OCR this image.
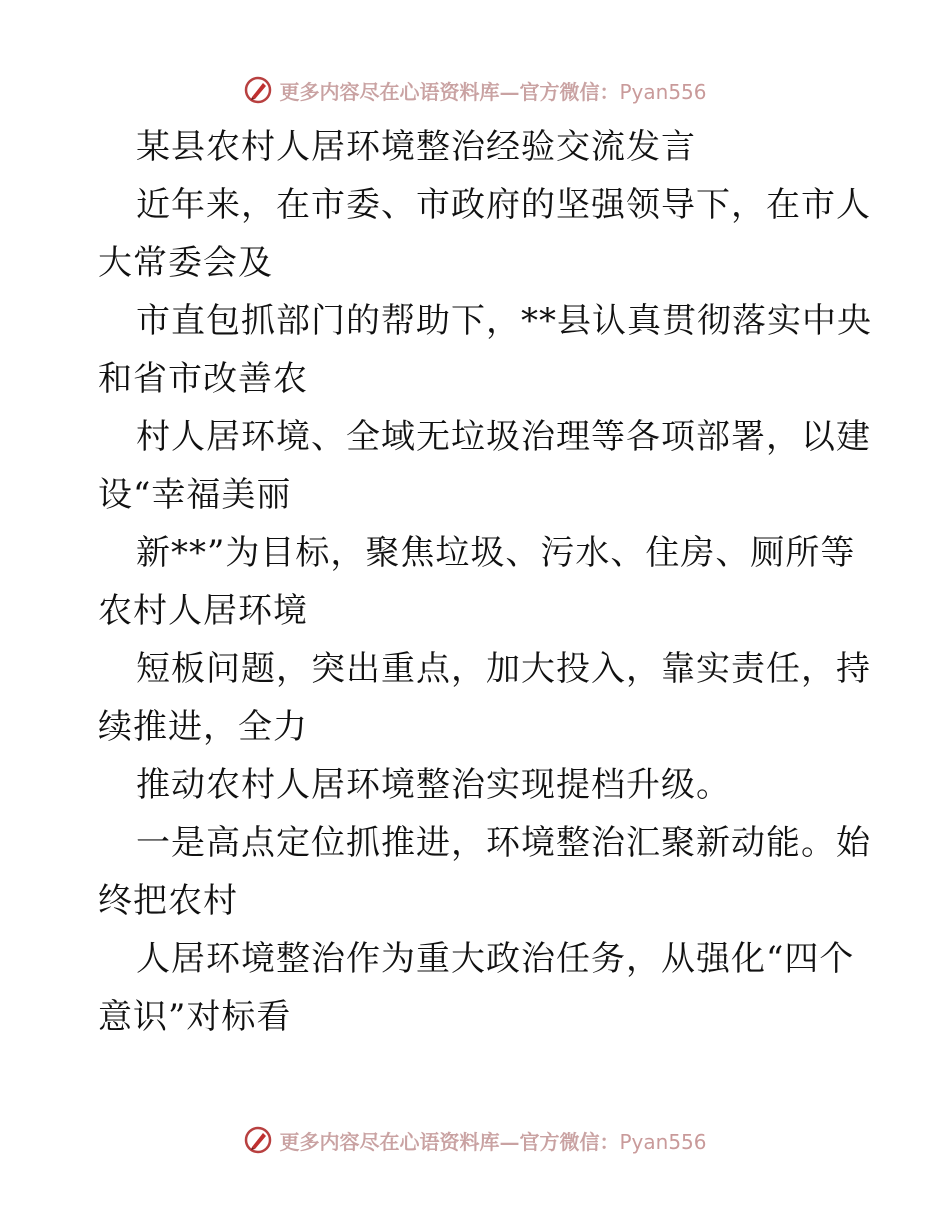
更多内容尽在心语资料库—官方微信：Pyan556
某县农村人居环境整治经验交流发言
近年来，在市委、市政府的坚强领导下，在市人
大常委会及
市直包抓部门的帮助下，**县认真贯彻落实中央
和省市改善农
村人居环境、全域无垃圾治理等各项部署，以建
设“幸福美丽
新**”为目标，聚焦垃圾、污水、住房、厕所等
农村人居环境
短板问题，突出重点，加大投入，靠实责任，持
续推进，全力
推动农村人居环境整治实现提档升级。
一是高点定位抓推进，环境整治汇聚新动能。始
终把农村
人居环境整治作为重大政治任务，从强化“四个
意识”对标看
更多内容尽在心语资料库—官方微信：Pyan556
